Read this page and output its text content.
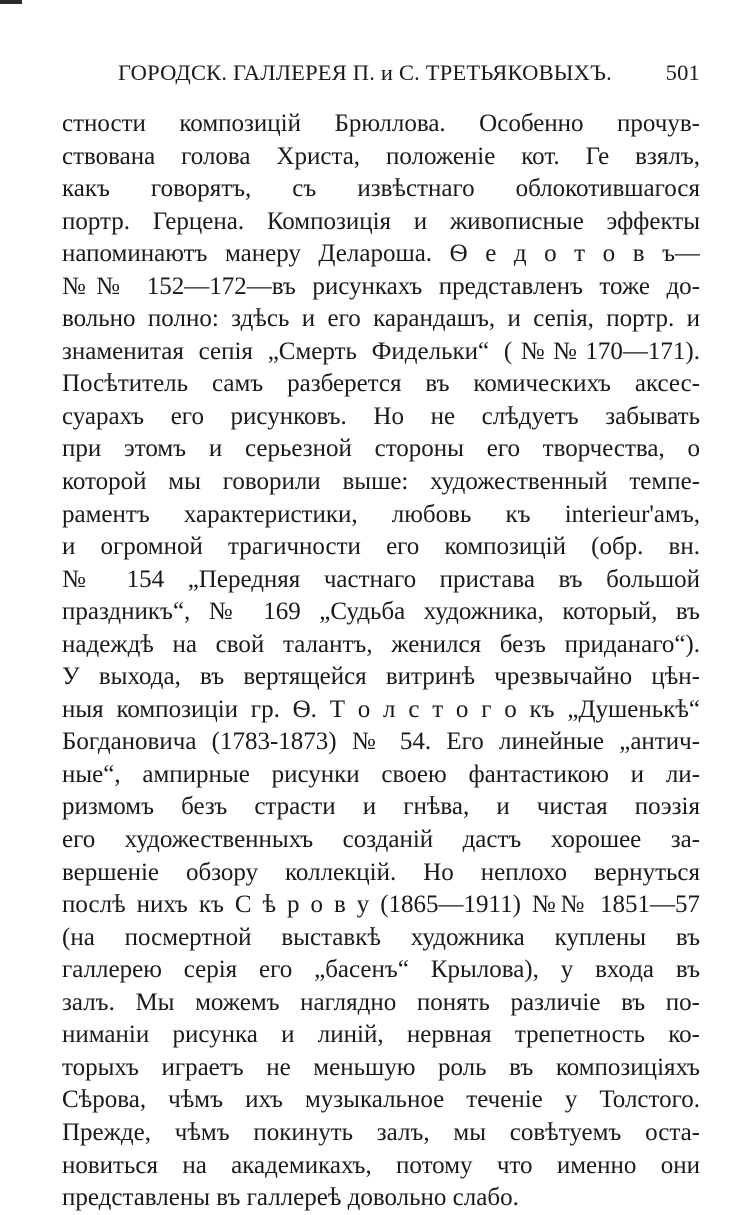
ГОРОДСК. ГАЛЛЕРЕЯ П. и С. ТРЕТЬЯКОВЫХЪ. 501
стности композицій Брюллова. Особенно прочув-
ствована голова Христа, положеніе кот. Ге взялъ,
какъ говорятъ, съ извѣстнаго облокотившагося
портр. Герцена. Композиція и живописные эффекты
напоминаютъ манеру Делароша. Ѳ е д о т о в ъ—
№№ 152—172—въ рисункахъ представленъ тоже до-
вольно полно: здѣсь и его карандашъ, и сепія, портр. и
знаменитая сепія „Смерть Фидельки“ (№№170—171).
Посѣтитель самъ разберется въ комическихъ аксес-
суарахъ его рисунковъ. Но не слѣдуетъ забывать
при этомъ и серьезной стороны его творчества, о
которой мы говорили выше: художественный темпе-
раментъ характеристики, любовь къ interieur'амъ,
и огромной трагичности его композицій (обр. вн.
№ 154 „Передняя частнаго пристава въ большой
праздникъ“, № 169 „Судьба художника, который, въ
надеждѣ на свой талантъ, женился безъ приданаго“).
У выхода, въ вертящейся витринѣ чрезвычайно цѣн-
ныя композиціи гр. Ѳ. Т о л с т о г о къ „Душенькѣ“
Богдановича (1783-1873) № 54. Его линейные „антич-
ные“, ампирные рисунки своею фантастикою и ли-
ризмомъ безъ страсти и гнѣва, и чистая поэзія
его художественныхъ созданій дастъ хорошее за-
вершеніе обзору коллекцій. Но неплохо вернуться
послѣ нихъ къ С ѣ р о в у (1865—1911) №№ 1851—57
(на посмертной выставкѣ художника куплены въ
галлерею серія его „басенъ“ Крылова), у входа въ
залъ. Мы можемъ наглядно понять различіе въ по-
ниманіи рисунка и линій, нервная трепетность ко-
торыхъ играетъ не меньшую роль въ композиціяхъ
Сѣрова, чѣмъ ихъ музыкальное теченіе у Толстого.
Прежде, чѣмъ покинуть залъ, мы совѣтуемъ оста-
новиться на академикахъ, потому что именно они
представлены въ галлереѣ довольно слабо.
